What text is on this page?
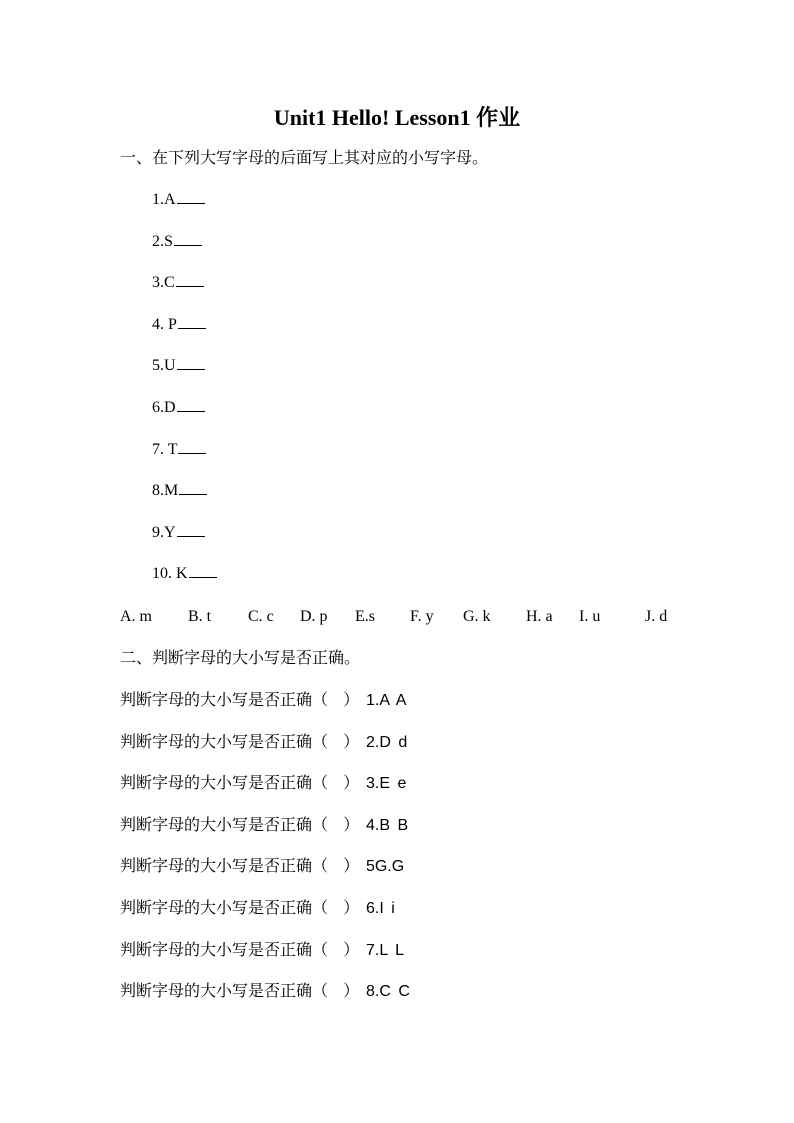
Unit1 Hello! Lesson1 作业

一、在下列大写字母的后面写上其对应的小写字母。

1.A
2.S
3.C
4. P
5.U
6.D
7. T
8.M
9.Y
10. K
A. m B. t C. c D. p E.s F. y G. k H. a I. u	J. d

二、判断字母的大小写是否正确。

判断字母的大小写是否正确（ ） 1.A A
判断字母的大小写是否正确（ ） 2.D d
判断字母的大小写是否正确（ ） 3.E e
判断字母的大小写是否正确（ ） 4.B B
判断字母的大小写是否正确（ ） 5G.G
判断字母的大小写是否正确（ ） 6.I i
判断字母的大小写是否正确（ ） 7.L L
判断字母的大小写是否正确（ ） 8.C C
